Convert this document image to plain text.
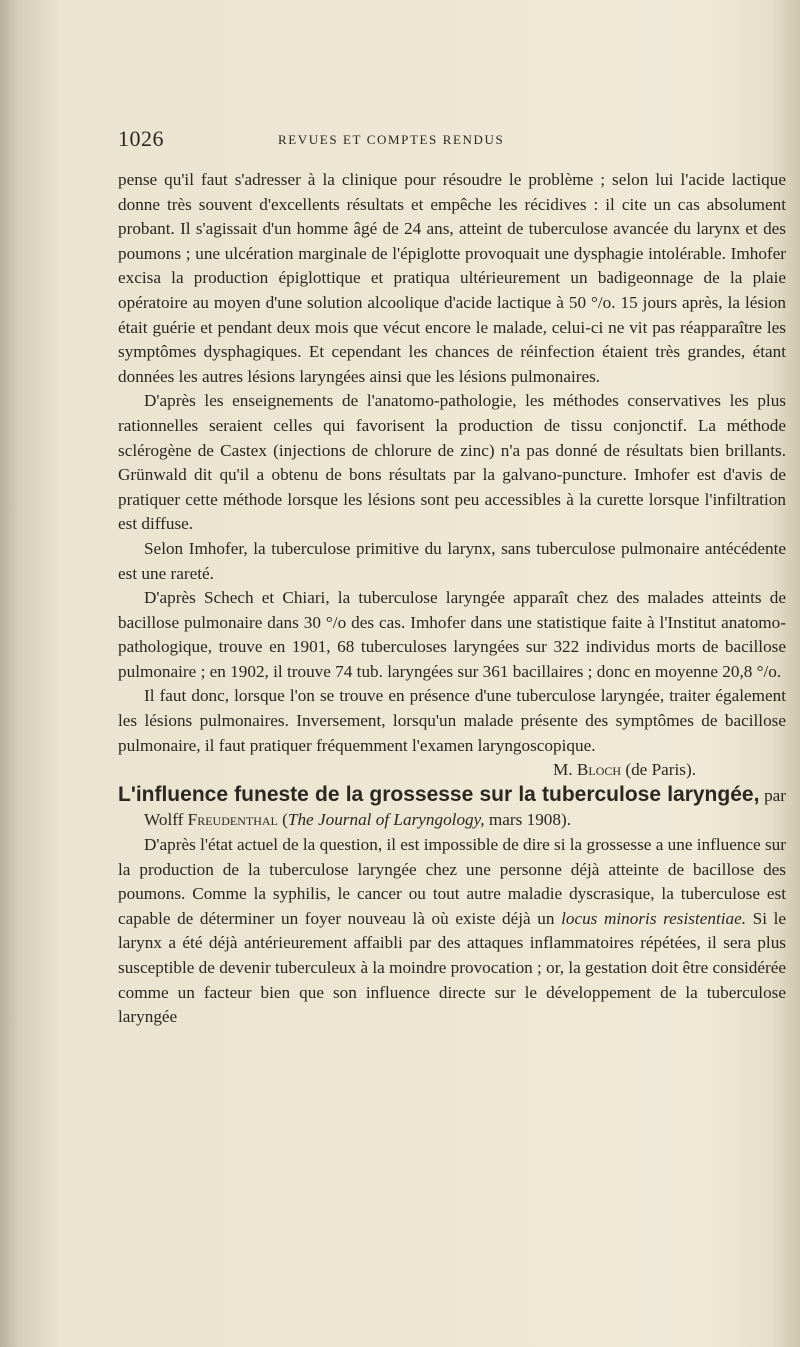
1026	REVUES ET COMPTES RENDUS

pense qu'il faut s'adresser à la clinique pour résoudre le problème ; selon lui l'acide lactique donne très souvent d'excellents résultats et empêche les récidives : il cite un cas absolument probant. Il s'agissait d'un homme âgé de 24 ans, atteint de tuberculose avancée du larynx et des poumons ; une ulcération marginale de l'épiglotte provoquait une dysphagie intolérable. Imhofer excisa la production épiglottique et pratiqua ultérieurement un badigeonnage de la plaie opératoire au moyen d'une solution alcoolique d'acide lactique à 50 °/o. 15 jours après, la lésion était guérie et pendant deux mois que vécut encore le malade, celui-ci ne vit pas réapparaître les symptômes dysphagiques. Et cependant les chances de réinfection étaient très grandes, étant données les autres lésions laryngées ainsi que les lésions pulmonaires.

D'après les enseignements de l'anatomo-pathologie, les méthodes conservatives les plus rationnelles seraient celles qui favorisent la production de tissu conjonctif. La méthode sclérogène de Castex (injections de chlorure de zinc) n'a pas donné de résultats bien brillants. Grünwald dit qu'il a obtenu de bons résultats par la galvano-puncture. Imhofer est d'avis de pratiquer cette méthode lorsque les lésions sont peu accessibles à la curette lorsque l'infiltration est diffuse.

Selon Imhofer, la tuberculose primitive du larynx, sans tuberculose pulmonaire antécédente est une rareté.

D'après Schech et Chiari, la tuberculose laryngée apparaît chez des malades atteints de bacillose pulmonaire dans 30 °/o des cas. Imhofer dans une statistique faite à l'Institut anatomo-pathologique, trouve en 1901, 68 tuberculoses laryngées sur 322 individus morts de bacillose pulmonaire ; en 1902, il trouve 74 tub. laryngées sur 361 bacillaires ; donc en moyenne 20,8 °/o.

Il faut donc, lorsque l'on se trouve en présence d'une tuberculose laryngée, traiter également les lésions pulmonaires. Inversement, lorsqu'un malade présente des symptômes de bacillose pulmonaire, il faut pratiquer fréquemment l'examen laryngoscopique.

M. Bloch (de Paris).

L'influence funeste de la grossesse sur la tuberculose laryngée, par Wolff Freudenthal (The Journal of Laryngology, mars 1908).

D'après l'état actuel de la question, il est impossible de dire si la grossesse a une influence sur la production de la tuberculose laryngée chez une personne déjà atteinte de bacillose des poumons. Comme la syphilis, le cancer ou tout autre maladie dyscrasique, la tuberculose est capable de déterminer un foyer nouveau là où existe déjà un locus minoris resistentiae. Si le larynx a été déjà antérieurement affaibli par des attaques inflammatoires répétées, il sera plus susceptible de devenir tuberculeux à la moindre provocation ; or, la gestation doit être considérée comme un facteur bien que son influence directe sur le développement de la tuberculose laryngée
